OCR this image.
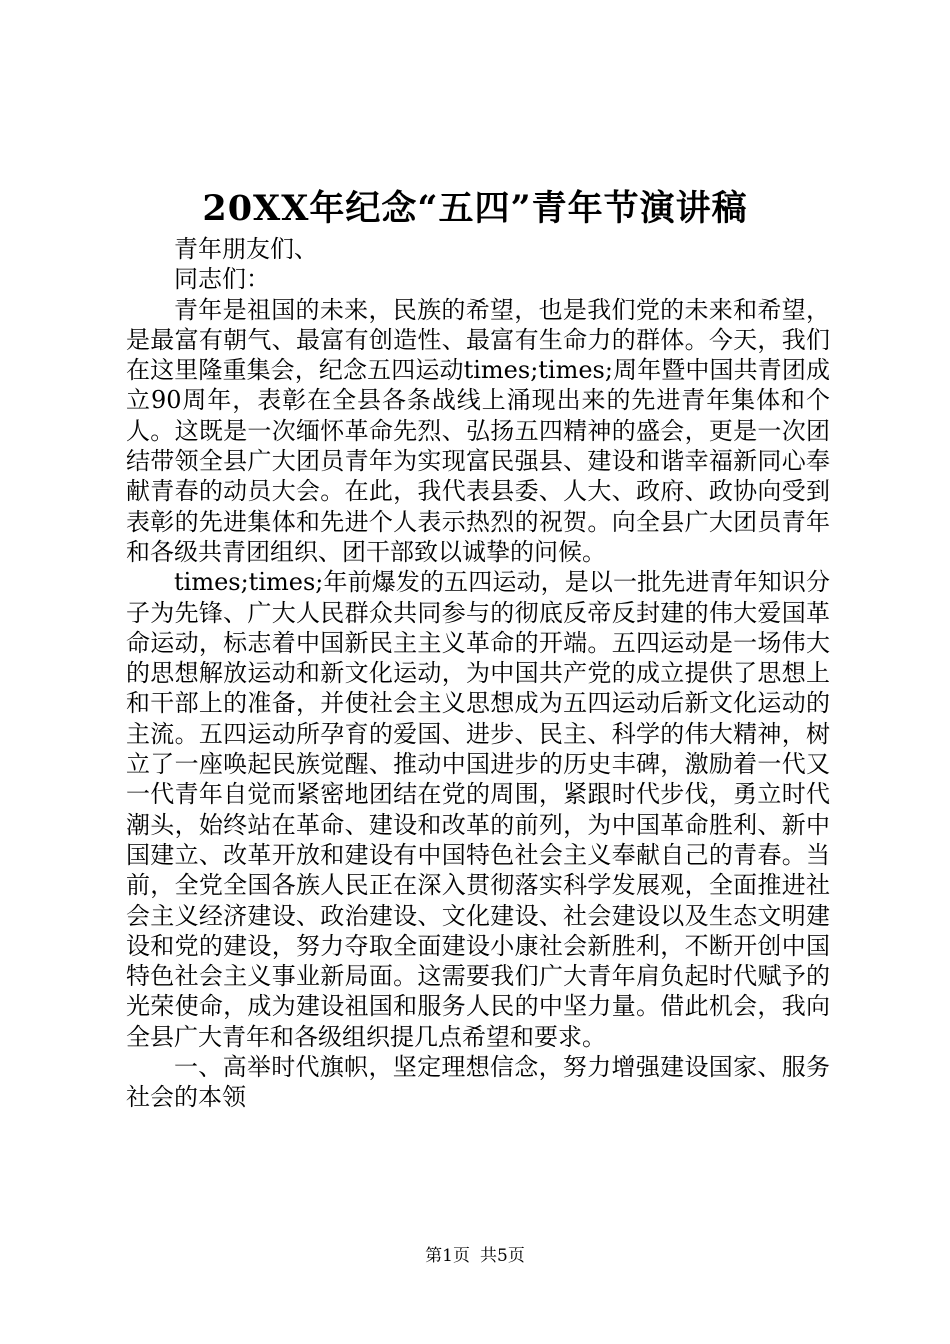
20XX年纪念“五四”青年节演讲稿

青年朋友们、

同志们：

青年是祖国的未来，民族的希望，也是我们党的未来和希望，是最富有朝气、最富有创造性、最富有生命力的群体。今天，我们在这里隆重集会，纪念五四运动times;times;周年暨中国共青团成立90周年，表彰在全县各条战线上涌现出来的先进青年集体和个人。这既是一次缅怀革命先烈、弘扬五四精神的盛会，更是一次团结带领全县广大团员青年为实现富民强县、建设和谐幸福新同心奉献青春的动员大会。在此，我代表县委、人大、政府、政协向受到表彰的先进集体和先进个人表示热烈的祝贺。向全县广大团员青年和各级共青团组织、团干部致以诚挚的问候。

times;times;年前爆发的五四运动，是以一批先进青年知识分子为先锋、广大人民群众共同参与的彻底反帝反封建的伟大爱国革命运动，标志着中国新民主主义革命的开端。五四运动是一场伟大的思想解放运动和新文化运动，为中国共产党的成立提供了思想上和干部上的准备，并使社会主义思想成为五四运动后新文化运动的主流。五四运动所孕育的爱国、进步、民主、科学的伟大精神，树立了一座唤起民族觉醒、推动中国进步的历史丰碑，激励着一代又一代青年自觉而紧密地团结在党的周围，紧跟时代步伐，勇立时代潮头，始终站在革命、建设和改革的前列，为中国革命胜利、新中国建立、改革开放和建设有中国特色社会主义奉献自己的青春。当前，全党全国各族人民正在深入贯彻落实科学发展观，全面推进社会主义经济建设、政治建设、文化建设、社会建设以及生态文明建设和党的建设，努力夺取全面建设小康社会新胜利，不断开创中国特色社会主义事业新局面。这需要我们广大青年肩负起时代赋予的光荣使命，成为建设祖国和服务人民的中坚力量。借此机会，我向全县广大青年和各级组织提几点希望和要求。

一、高举时代旗帜，坚定理想信念，努力增强建设国家、服务社会的本领

第1页 共5页
